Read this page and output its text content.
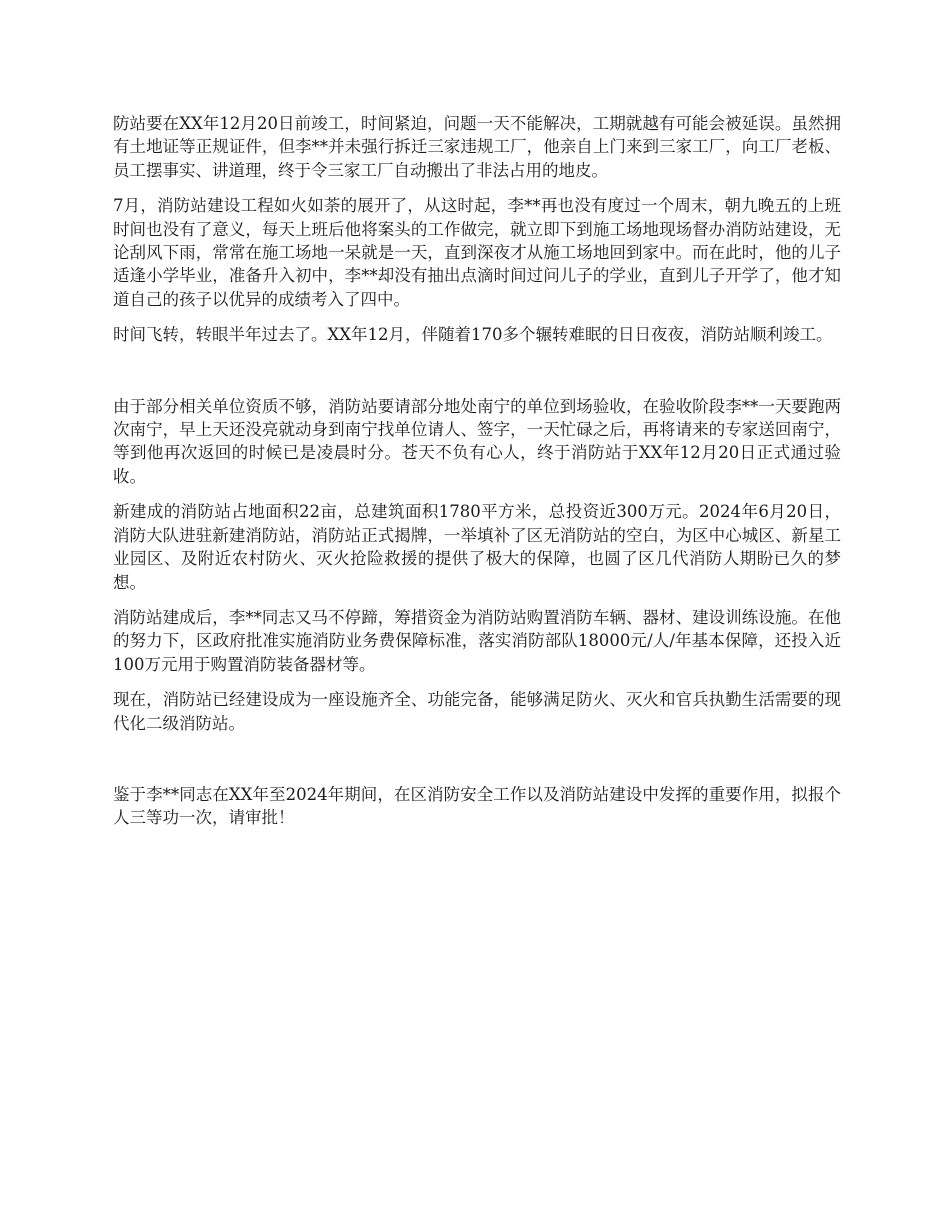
防站要在XX年12月20日前竣工，时间紧迫，问题一天不能解决，工期就越有可能会被延误。虽然拥有土地证等正规证件，但李**并未强行拆迁三家违规工厂，他亲自上门来到三家工厂，向工厂老板、员工摆事实、讲道理，终于令三家工厂自动搬出了非法占用的地皮。

7月，消防站建设工程如火如荼的展开了，从这时起，李**再也没有度过一个周末，朝九晚五的上班时间也没有了意义，每天上班后他将案头的工作做完，就立即下到施工场地现场督办消防站建设，无论刮风下雨，常常在施工场地一呆就是一天，直到深夜才从施工场地回到家中。而在此时，他的儿子适逢小学毕业，准备升入初中，李**却没有抽出点滴时间过问儿子的学业，直到儿子开学了，他才知道自己的孩子以优异的成绩考入了四中。

时间飞转，转眼半年过去了。XX年12月，伴随着170多个辗转难眠的日日夜夜，消防站顺利竣工。

由于部分相关单位资质不够，消防站要请部分地处南宁的单位到场验收，在验收阶段李**一天要跑两次南宁，早上天还没亮就动身到南宁找单位请人、签字，一天忙碌之后，再将请来的专家送回南宁，等到他再次返回的时候已是凌晨时分。苍天不负有心人，终于消防站于XX年12月20日正式通过验收。

新建成的消防站占地面积22亩，总建筑面积1780平方米，总投资近300万元。2024年6月20日，消防大队进驻新建消防站，消防站正式揭牌，一举填补了区无消防站的空白，为区中心城区、新星工业园区、及附近农村防火、灭火抢险救援的提供了极大的保障，也圆了区几代消防人期盼已久的梦想。

消防站建成后，李**同志又马不停蹄，筹措资金为消防站购置消防车辆、器材、建设训练设施。在他的努力下，区政府批准实施消防业务费保障标准，落实消防部队18000元/人/年基本保障，还投入近100万元用于购置消防装备器材等。

现在，消防站已经建设成为一座设施齐全、功能完备，能够满足防火、灭火和官兵执勤生活需要的现代化二级消防站。

鉴于李**同志在XX年至2024年期间，在区消防安全工作以及消防站建设中发挥的重要作用，拟报个人三等功一次，请审批！
